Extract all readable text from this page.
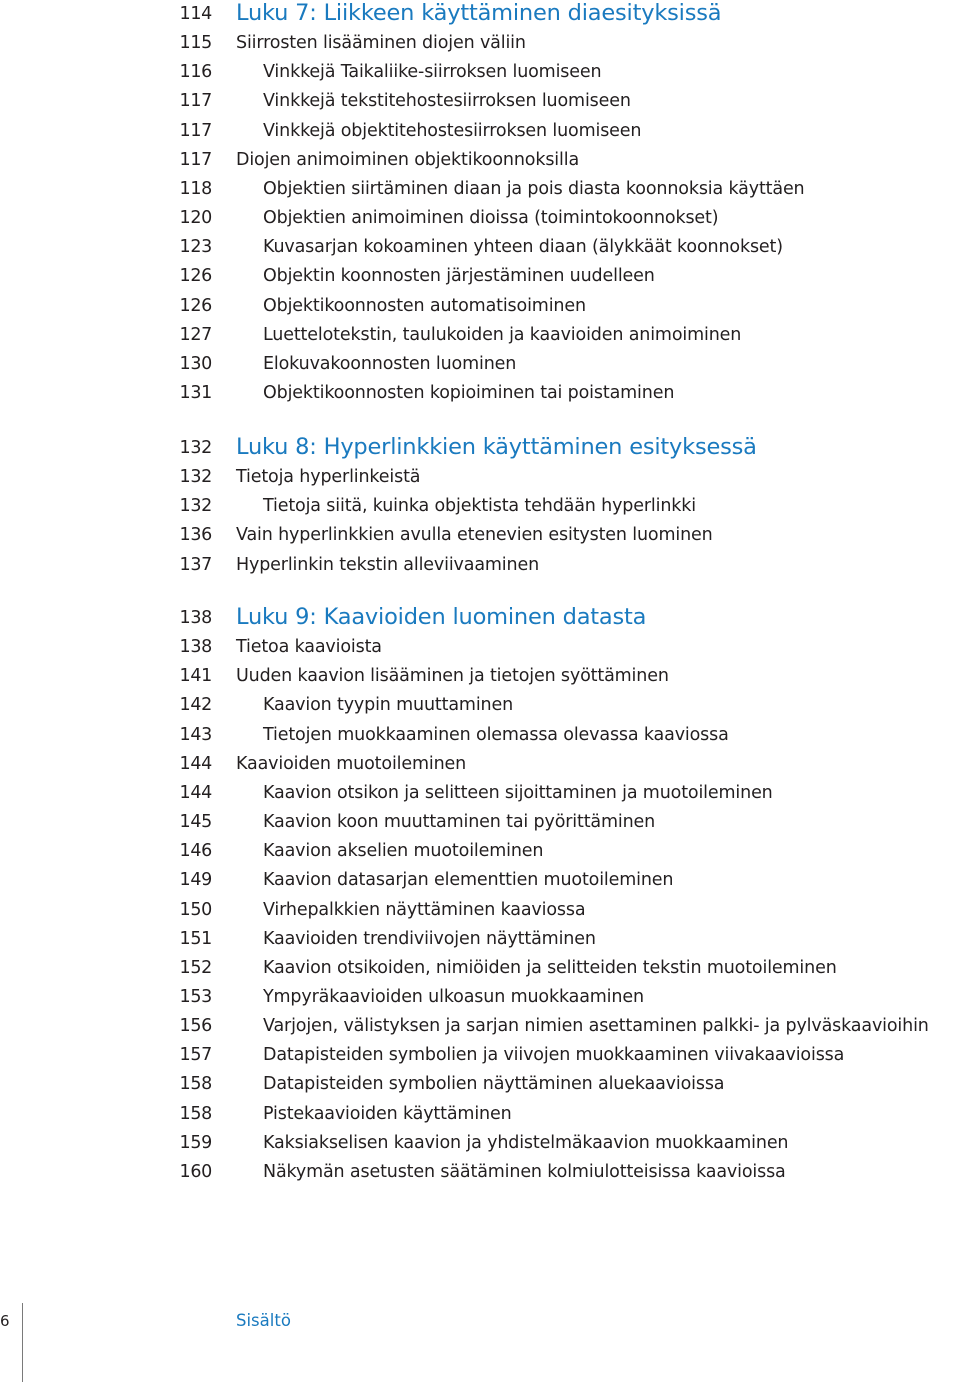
114 Luku 7: Liikkeen käyttäminen diaesityksissä
115 Siirrosten lisääminen diojen väliin
116	Vinkkejä Taikaliike-siirroksen luomiseen
117	Vinkkejä tekstitehostesiirroksen luomiseen
117	Vinkkejä objektitehostesiirroksen luomiseen
117 Diojen animoiminen objektikoonnoksilla
118	Objektien siirtäminen diaan ja pois diasta koonnoksia käyttäen
120	Objektien animoiminen dioissa (toimintokoonnokset)
123	Kuvasarjan kokoaminen yhteen diaan (älykkäät koonnokset)
126	Objektin koonnosten järjestäminen uudelleen
126	Objektikoonnosten automatisoiminen
127	Luettelotekstin, taulukoiden ja kaavioiden animoiminen
130	Elokuvakoonnosten luominen
131	Objektikoonnosten kopioiminen tai poistaminen
132 Luku 8: Hyperlinkkien käyttäminen esityksessä
132 Tietoja hyperlinkeistä
132	Tietoja siitä, kuinka objektista tehdään hyperlinkki
136 Vain hyperlinkkien avulla etenevien esitysten luominen
137 Hyperlinkin tekstin alleviivaaminen
138 Luku 9: Kaavioiden luominen datasta
138 Tietoa kaavioista
141 Uuden kaavion lisääminen ja tietojen syöttäminen
142	Kaavion tyypin muuttaminen
143	Tietojen muokkaaminen olemassa olevassa kaaviossa
144 Kaavioiden muotoileminen
144	Kaavion otsikon ja selitteen sijoittaminen ja muotoileminen
145	Kaavion koon muuttaminen tai pyörittäminen
146	Kaavion akselien muotoileminen
149	Kaavion datasarjan elementtien muotoileminen
150	Virhepalkkien näyttäminen kaaviossa
151	Kaavioiden trendiviivojen näyttäminen
152	Kaavion otsikoiden, nimiöiden ja selitteiden tekstin muotoileminen
153	Ympyräkaavioiden ulkoasun muokkaaminen
156	Varjojen, välistyksen ja sarjan nimien asettaminen palkki- ja pylväskaavioihin
157	Datapisteiden symbolien ja viivojen muokkaaminen viivakaavioissa
158	Datapisteiden symbolien näyttäminen aluekaavioissa
158	Pistekaavioiden käyttäminen
159	Kaksiakselisen kaavion ja yhdistelmäkaavion muokkaaminen
160	Näkymän asetusten säätäminen kolmiulotteisissa kaavioissa
6	Sisältö
